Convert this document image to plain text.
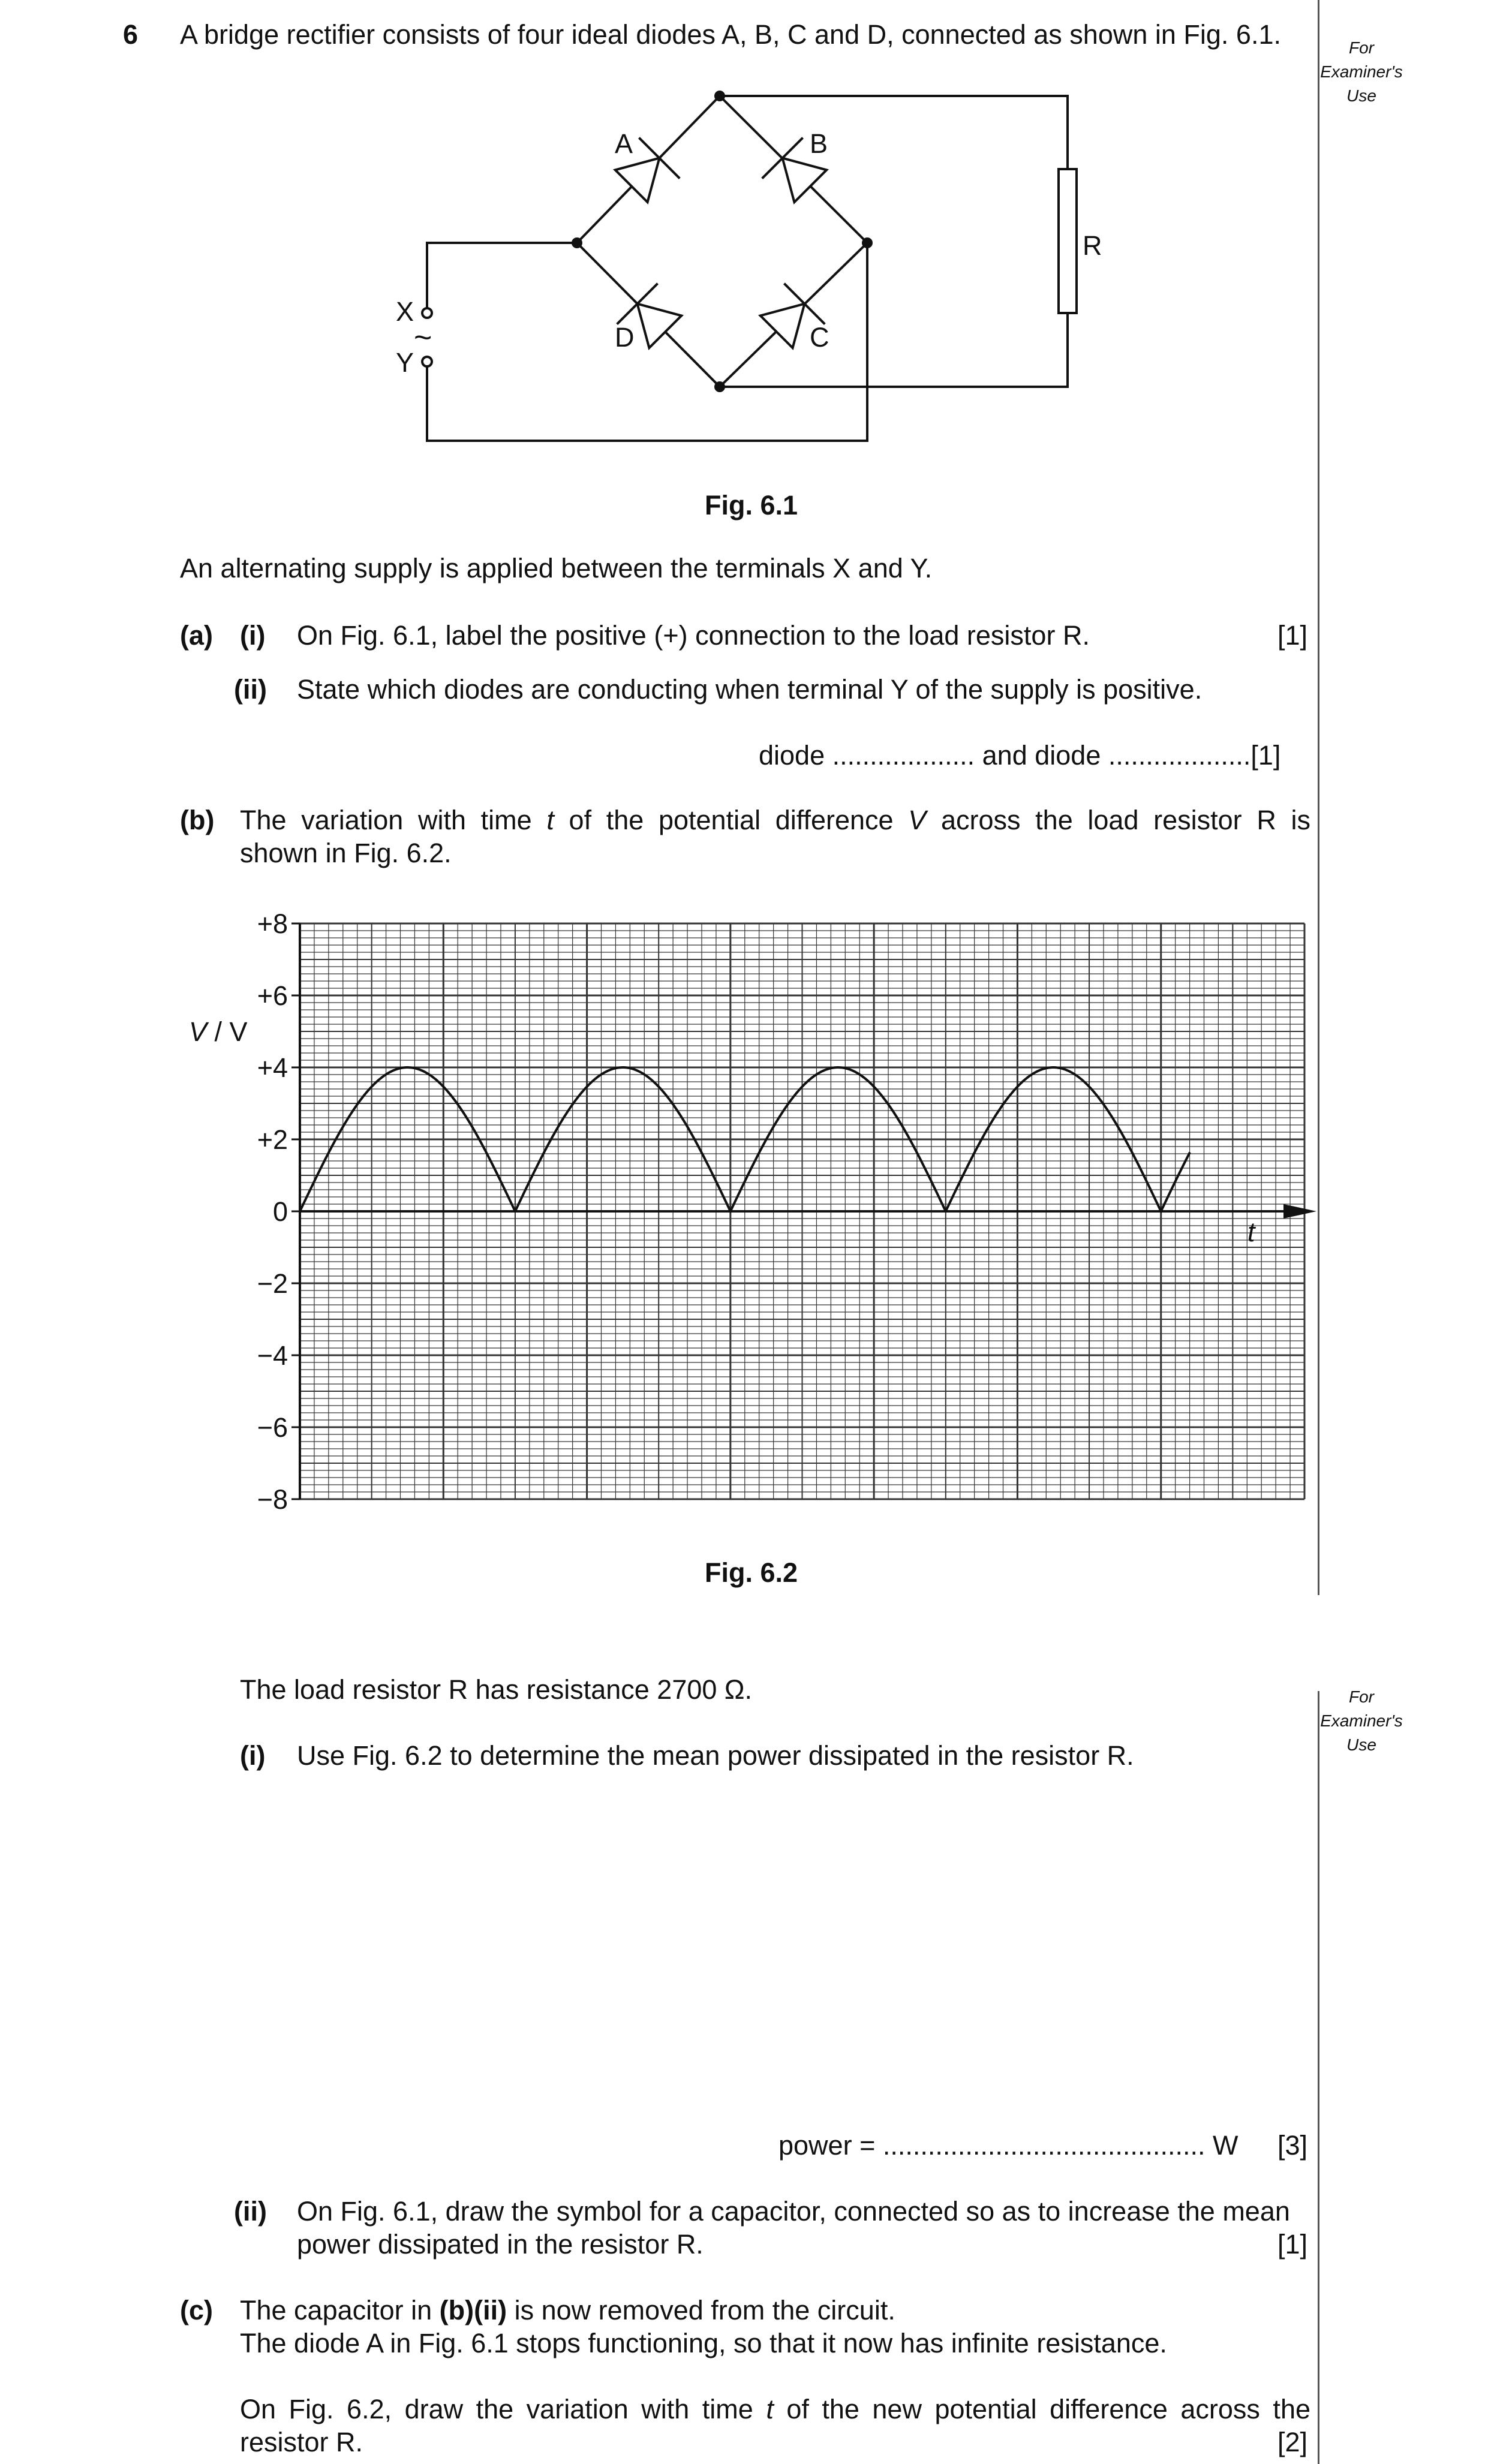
For
Examiner's
Use
For
Examiner's
Use
6 A bridge rectifier consists of four ideal diodes A, B, C and D, connected as shown in Fig. 6.1.
A	B
D	C
R
X
Y
~
Fig. 6.1
An alternating supply is applied between the terminals X and Y.
(a) (i) On Fig. 6.1, label the positive (+) connection to the load resistor R.	[1]
(ii) State which diodes are conducting when terminal Y of the supply is positive.
diode ................... and diode ...................[1]
(b) The variation with time t of the potential difference V across the load resistor R is
shown in Fig. 6.2.
+8
+6
+4
+2
0
−2
−4
−6
−8
V / V
t
Fig. 6.2
The load resistor R has resistance 2700 Ω.
(i) Use Fig. 6.2 to determine the mean power dissipated in the resistor R.
power = ........................................... W [3]
(ii) On Fig. 6.1, draw the symbol for a capacitor, connected so as to increase the mean
power dissipated in the resistor R.	[1]
(c) The capacitor in (b)(ii) is now removed from the circuit.
The diode A in Fig. 6.1 stops functioning, so that it now has infinite resistance.
On Fig. 6.2, draw the variation with time t of the new potential difference across the
resistor R.	[2]
